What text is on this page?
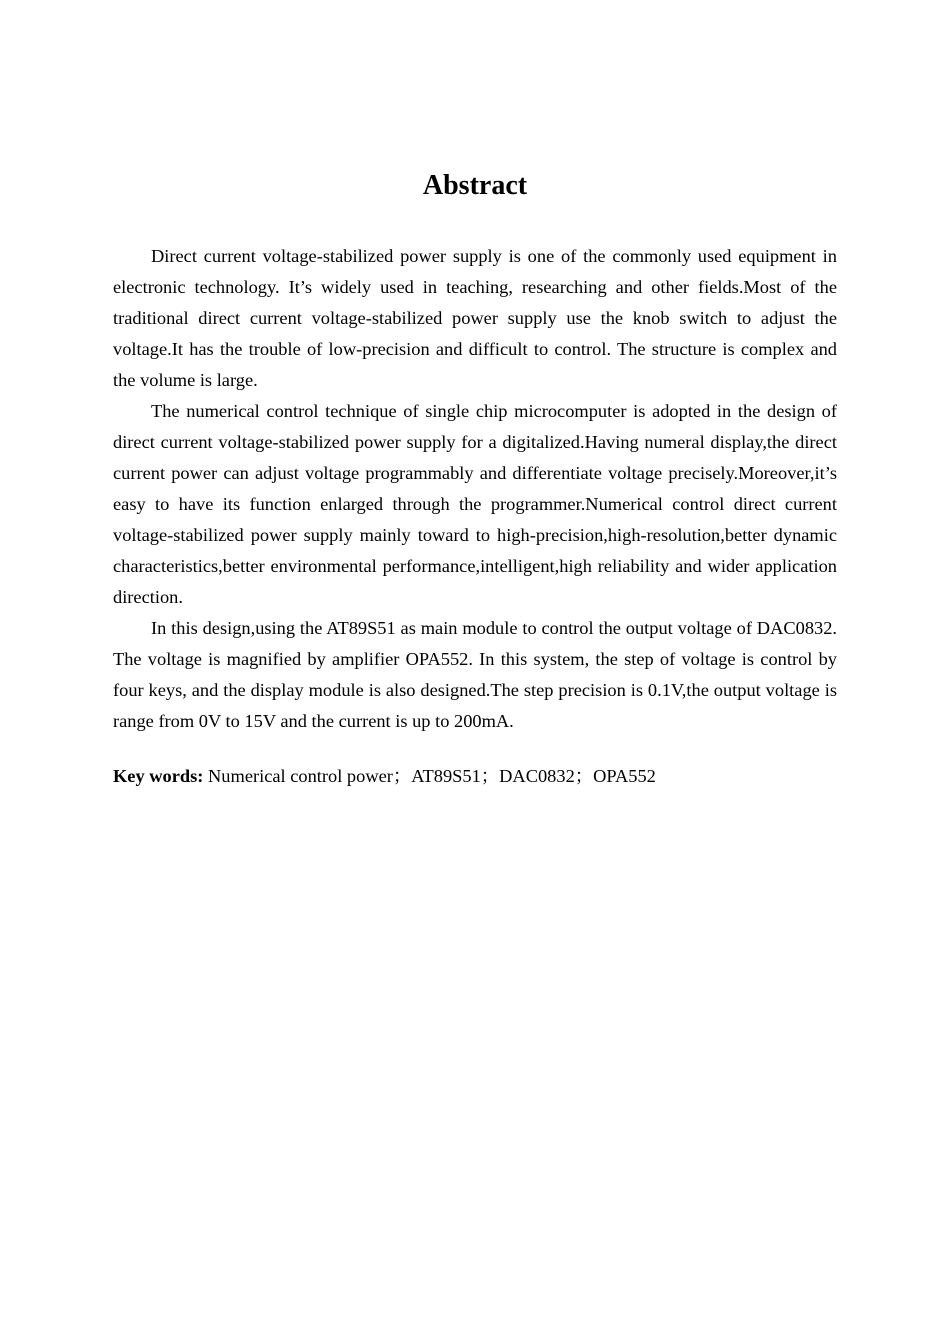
Abstract

Direct current voltage-stabilized power supply is one of the commonly used equipment in electronic technology. It’s widely used in teaching, researching and other fields.Most of the traditional direct current voltage-stabilized power supply use the knob switch to adjust the voltage.It has the trouble of low-precision and difficult to control. The structure is complex and the volume is large.

The numerical control technique of single chip microcomputer is adopted in the design of direct current voltage-stabilized power supply for a digitalized.Having numeral display,the direct current power can adjust voltage programmably and differentiate voltage precisely.Moreover,it’s easy to have its function enlarged through the programmer.Numerical control direct current voltage-stabilized power supply mainly toward to high-precision,high-resolution,better dynamic characteristics,better environmental performance,intelligent,high reliability and wider application direction.

In this design,using the AT89S51 as main module to control the output voltage of DAC0832. The voltage is magnified by amplifier OPA552. In this system, the step of voltage is control by four keys, and the display module is also designed.The step precision is 0.1V,the output voltage is range from 0V to 15V and the current is up to 200mA.

Key words: Numerical control power；AT89S51；DAC0832；OPA552
